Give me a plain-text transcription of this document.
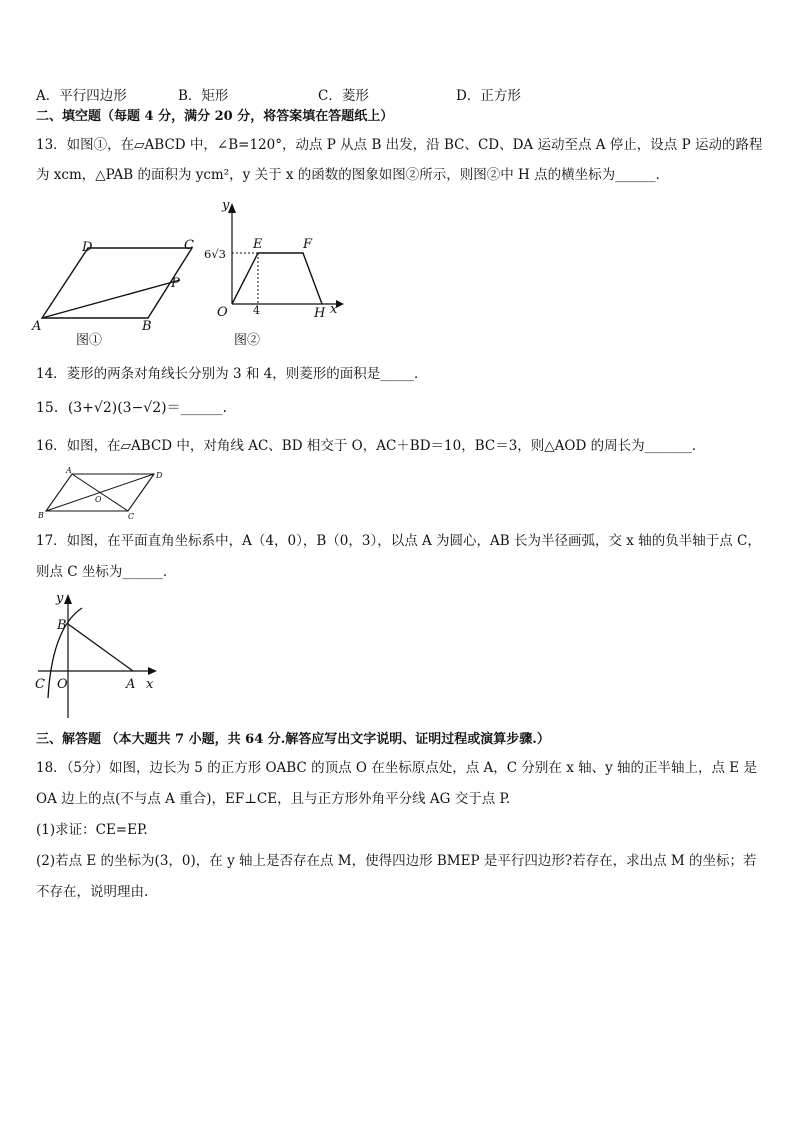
A．平行四边形	B．矩形	C．菱形	D．正方形
二、填空题（每题 4 分，满分 20 分，将答案填在答题纸上）
13．如图①，在▱ABCD 中，∠B=120°，动点 P 从点 B 出发，沿 BC、CD、DA 运动至点 A 停止，设点 P 运动的路程
为 xcm，△PAB 的面积为 ycm²，y 关于 x 的函数的图象如图②所示，则图②中 H 点的横坐标为______．
A	B
C
D
P
图①
y
x
O
E	F
H
6√3
4
图②
14．菱形的两条对角线长分别为 3 和 4，则菱形的面积是_____．
15．(3+√2)(3−√2)＝______．
16．如图，在▱ABCD 中，对角线 AC、BD 相交于 O，AC＋BD＝10，BC＝3，则△AOD 的周长为_______．
A
B	C
D
O
17．如图，在平面直角坐标系中，A（4，0），B（0，3），以点 A 为圆心，AB 长为半径画弧，交 x 轴的负半轴于点 C，
则点 C 坐标为______．
y
x
O	A
B
C
三、解答题 （本大题共 7 小题，共 64 分.解答应写出文字说明、证明过程或演算步骤.）
18．（5分）如图，边长为 5 的正方形 OABC 的顶点 O 在坐标原点处，点 A，C 分别在 x 轴、y 轴的正半轴上，点 E 是
OA 边上的点(不与点 A 重合)，EF⊥CE，且与正方形外角平分线 AG 交于点 P.
(1)求证：CE=EP.
(2)若点 E 的坐标为(3，0)，在 y 轴上是否存在点 M，使得四边形 BMEP 是平行四边形?若存在，求出点 M 的坐标；若
不存在，说明理由.
